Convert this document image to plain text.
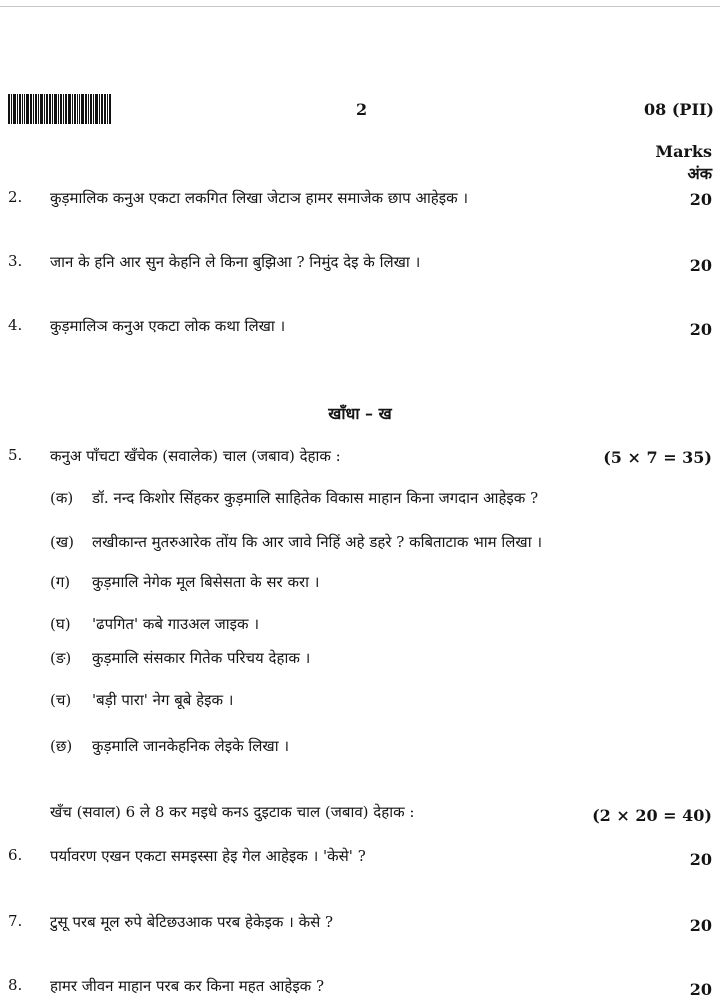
2	08 (PII)
Marks
अंक
2. कुड़मालिक कनुअ एकटा लकगित लिखा जेटाञ हामर समाजेक छाप आहेइक ।	20
3. जान के हनि आर सुन केहनि ले किना बुझिआ ? निमुंद देइ के लिखा ।	20
4. कुड़मालिञ कनुअ एकटा लोक कथा लिखा ।	20
खाँधा – ख
5. कनुअ पाँचटा खँचेक (सवालेक) चाल (जबाव) देहाक :	(5 × 7 = 35)
(क) डॉ. नन्द किशोर सिंहकर कुड़मालि साहितेक विकास माहान किना जगदान आहेइक ?
(ख) लखीकान्त मुतरुआरेक तोंय कि आर जावे निहिं अहे डहरे ? कबिताटाक भाम लिखा ।
(ग) कुड़मालि नेगेक मूल बिसेसता के सर करा ।
(घ) 'ढपगित' कबे गाउअल जाइक ।
(ङ) कुड़मालि संसकार गितेक परिचय देहाक ।
(च) 'बड़ी पारा' नेग बूबे हेइक ।
(छ) कुड़मालि जानकेहनिक लेइके लिखा ।
खँच (सवाल) 6 ले 8 कर मइधे कनऽ दुइटाक चाल (जबाव) देहाक :	(2 × 20 = 40)
6. पर्यावरण एखन एकटा समइस्सा हेइ गेल आहेइक । 'केसे' ?	20
7. टुसू परब मूल रुपे बेटिछउआक परब हेकेइक । केसे ?	20
8. हामर जीवन माहान परब कर किना महत आहेइक ?	20
